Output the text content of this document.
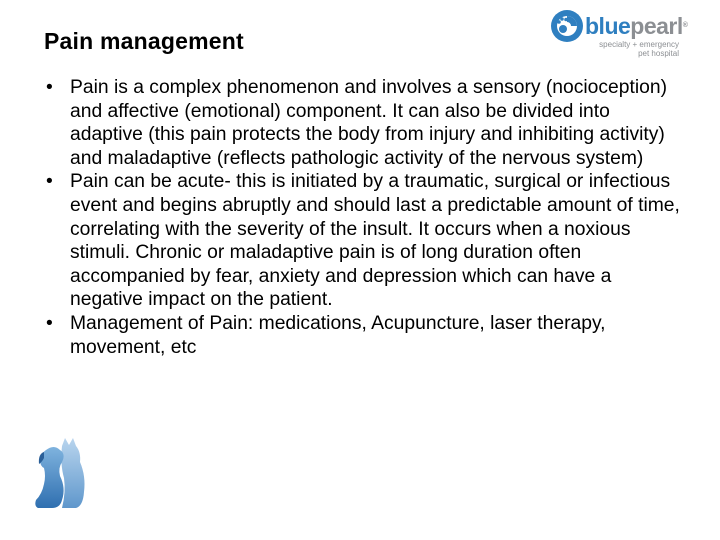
Pain management
bluepearl®
specialty + emergency
pet hospital
• Pain is a complex phenomenon and involves a sensory (nocioception) and affective (emotional) component. It can also be divided into adaptive (this pain protects the body from injury and inhibiting activity) and maladaptive (reflects pathologic activity of the nervous system)
• Pain can be acute- this is initiated by a traumatic, surgical or infectious event and begins abruptly and should last a predictable amount of time, correlating with the severity of the insult. It occurs when a noxious stimuli. Chronic or maladaptive pain is of long duration often accompanied by fear, anxiety and depression which can have a negative impact on the patient.
• Management of Pain: medications, Acupuncture, laser therapy, movement, etc
